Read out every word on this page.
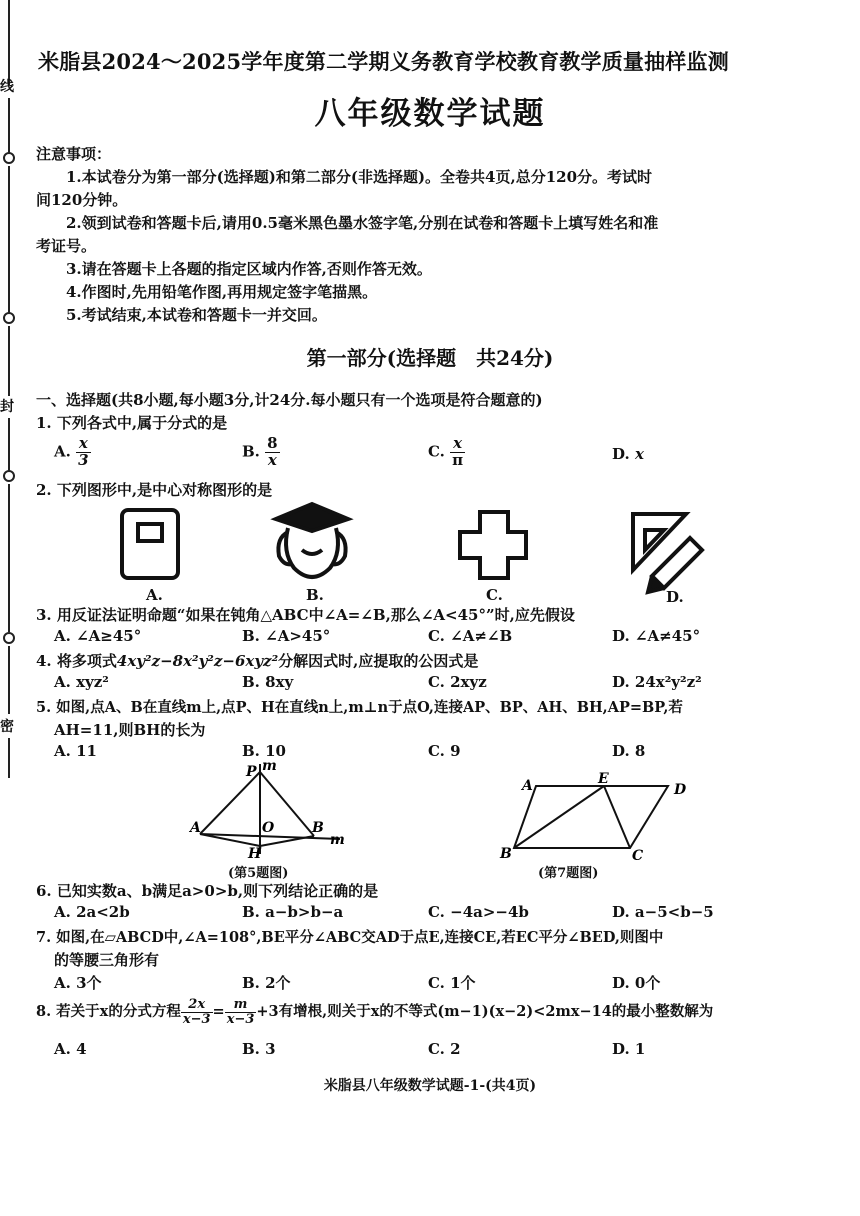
线
封
密
米脂县2024～2025学年度第二学期义务教育学校教育教学质量抽样监测
八年级数学试题
注意事项：
1.本试卷分为第一部分(选择题)和第二部分(非选择题)。全卷共4页,总分120分。考试时
间120分钟。
2.领到试卷和答题卡后,请用0.5毫米黑色墨水签字笔,分别在试卷和答题卡上填写姓名和准
考证号。
3.请在答题卡上各题的指定区域内作答,否则作答无效。
4.作图时,先用铅笔作图,再用规定签字笔描黑。
5.考试结束,本试卷和答题卡一并交回。
第一部分(选择题　共24分)
一、选择题(共8小题,每小题3分,计24分.每小题只有一个选项是符合题意的)
1. 下列各式中,属于分式的是
A. $\frac{x}{3}$	B. $\frac{8}{x}$	C. $\frac{x}{\pi}$	D. x
2. 下列图形中,是中心对称图形的是
A.	B.	C.	D.
3. 用反证法证明命题“如果在钝角△ABC中∠A=∠B,那么∠A<45°”时,应先假设
A. ∠A≥45°	B. ∠A>45°	C. ∠A≠∠B	D. ∠A≠45°
4. 将多项式4xy²z−8x²y²z−6xyz²分解因式时,应提取的公因式是
A. xyz²	B. 8xy	C. 2xyz	D. 24x²y²z²
5. 如图,点A、B在直线m上,点P、H在直线n上,m⊥n于点O,连接AP、BP、AH、BH,AP=BP,若
AH=11,则BH的长为
A. 11	B. 10	C. 9	D. 8
P m
A	O	B
m
H
(第5题图)
A	E
D
B	C
(第7题图)
6. 已知实数a、b满足a>0>b,则下列结论正确的是
A. 2a<2b	B. a−b>b−a	C. −4a>−4b	D. a−5<b−5
7. 如图,在▱ABCD中,∠A=108°,BE平分∠ABC交AD于点E,连接CE,若EC平分∠BED,则图中
的等腰三角形有
A. 3个	B. 2个	C. 1个	D. 0个
8. 若关于x的分式方程 $\frac{2x}{x-3} = \frac{m}{x-3} +3$有增根,则关于x的不等式(m−1)(x−2)<2mx−14的最小整数解为
A. 4	B. 3	C. 2	D. 1
米脂县八年级数学试题-1-(共4页)
